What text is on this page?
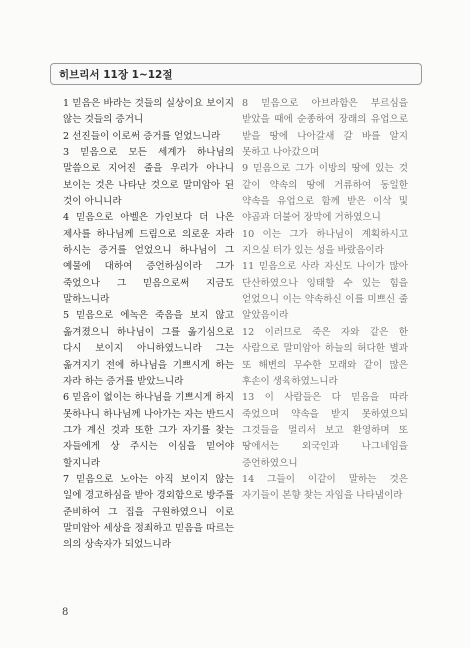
히브리서 11장 1~12절

1 믿음은 바라는 것들의 실상이요 보이지 않는 것들의 증거니

2 선진들이 이로써 증거를 얻었느니라

3 믿음으로 모든 세계가 하나님의 말씀으로 지어진 줄을 우리가 아나니 보이는 것은 나타난 것으로 말미암아 된 것이 아니니라

4 믿음으로 아벨은 가인보다 더 나은 제사를 하나님께 드림으로 의로운 자라 하시는 증거를 얻었으니 하나님이 그 예물에 대하여 증언하심이라 그가 죽었으나 그 믿음으로써 지금도 말하느니라

5 믿음으로 에녹은 죽음을 보지 않고 옮겨졌으니 하나님이 그를 옮기심으로 다시 보이지 아니하였느니라 그는 옮겨지기 전에 하나님을 기쁘시게 하는 자라 하는 증거를 받았느니라

6 믿음이 없이는 하나님을 기쁘시게 하지 못하나니 하나님께 나아가는 자는 반드시 그가 계신 것과 또한 그가 자기를 찾는 자들에게 상 주시는 이심을 믿어야 할지니라

7 믿음으로 노아는 아직 보이지 않는 일에 경고하심을 받아 경외함으로 방주를 준비하여 그 집을 구원하였으니 이로 말미암아 세상을 정죄하고 믿음을 따르는 의의 상속자가 되었느니라

8 믿음으로 아브라함은 부르심을 받았을 때에 순종하여 장래의 유업으로 받을 땅에 나아갈새 갈 바를 알지 못하고 나아갔으며

9 믿음으로 그가 이방의 땅에 있는 것 같이 약속의 땅에 거류하여 동일한 약속을 유업으로 함께 받은 이삭 및 야곱과 더불어 장막에 거하였으니

10 이는 그가 하나님이 계획하시고 지으실 터가 있는 성을 바랐음이라

11 믿음으로 사라 자신도 나이가 많아 단산하였으나 잉태할 수 있는 힘을 얻었으니 이는 약속하신 이를 미쁘신 줄 알았음이라

12 이러므로 죽은 자와 같은 한 사람으로 말미암아 하늘의 허다한 별과 또 해변의 무수한 모래와 같이 많은 후손이 생육하였느니라

13 이 사람들은 다 믿음을 따라 죽었으며 약속을 받지 못하였으되 그것들을 멀리서 보고 환영하며 또 땅에서는 외국인과 나그네임을 증언하였으니

14 그들이 이같이 말하는 것은 자기들이 본향 찾는 자임을 나타냄이라

8
